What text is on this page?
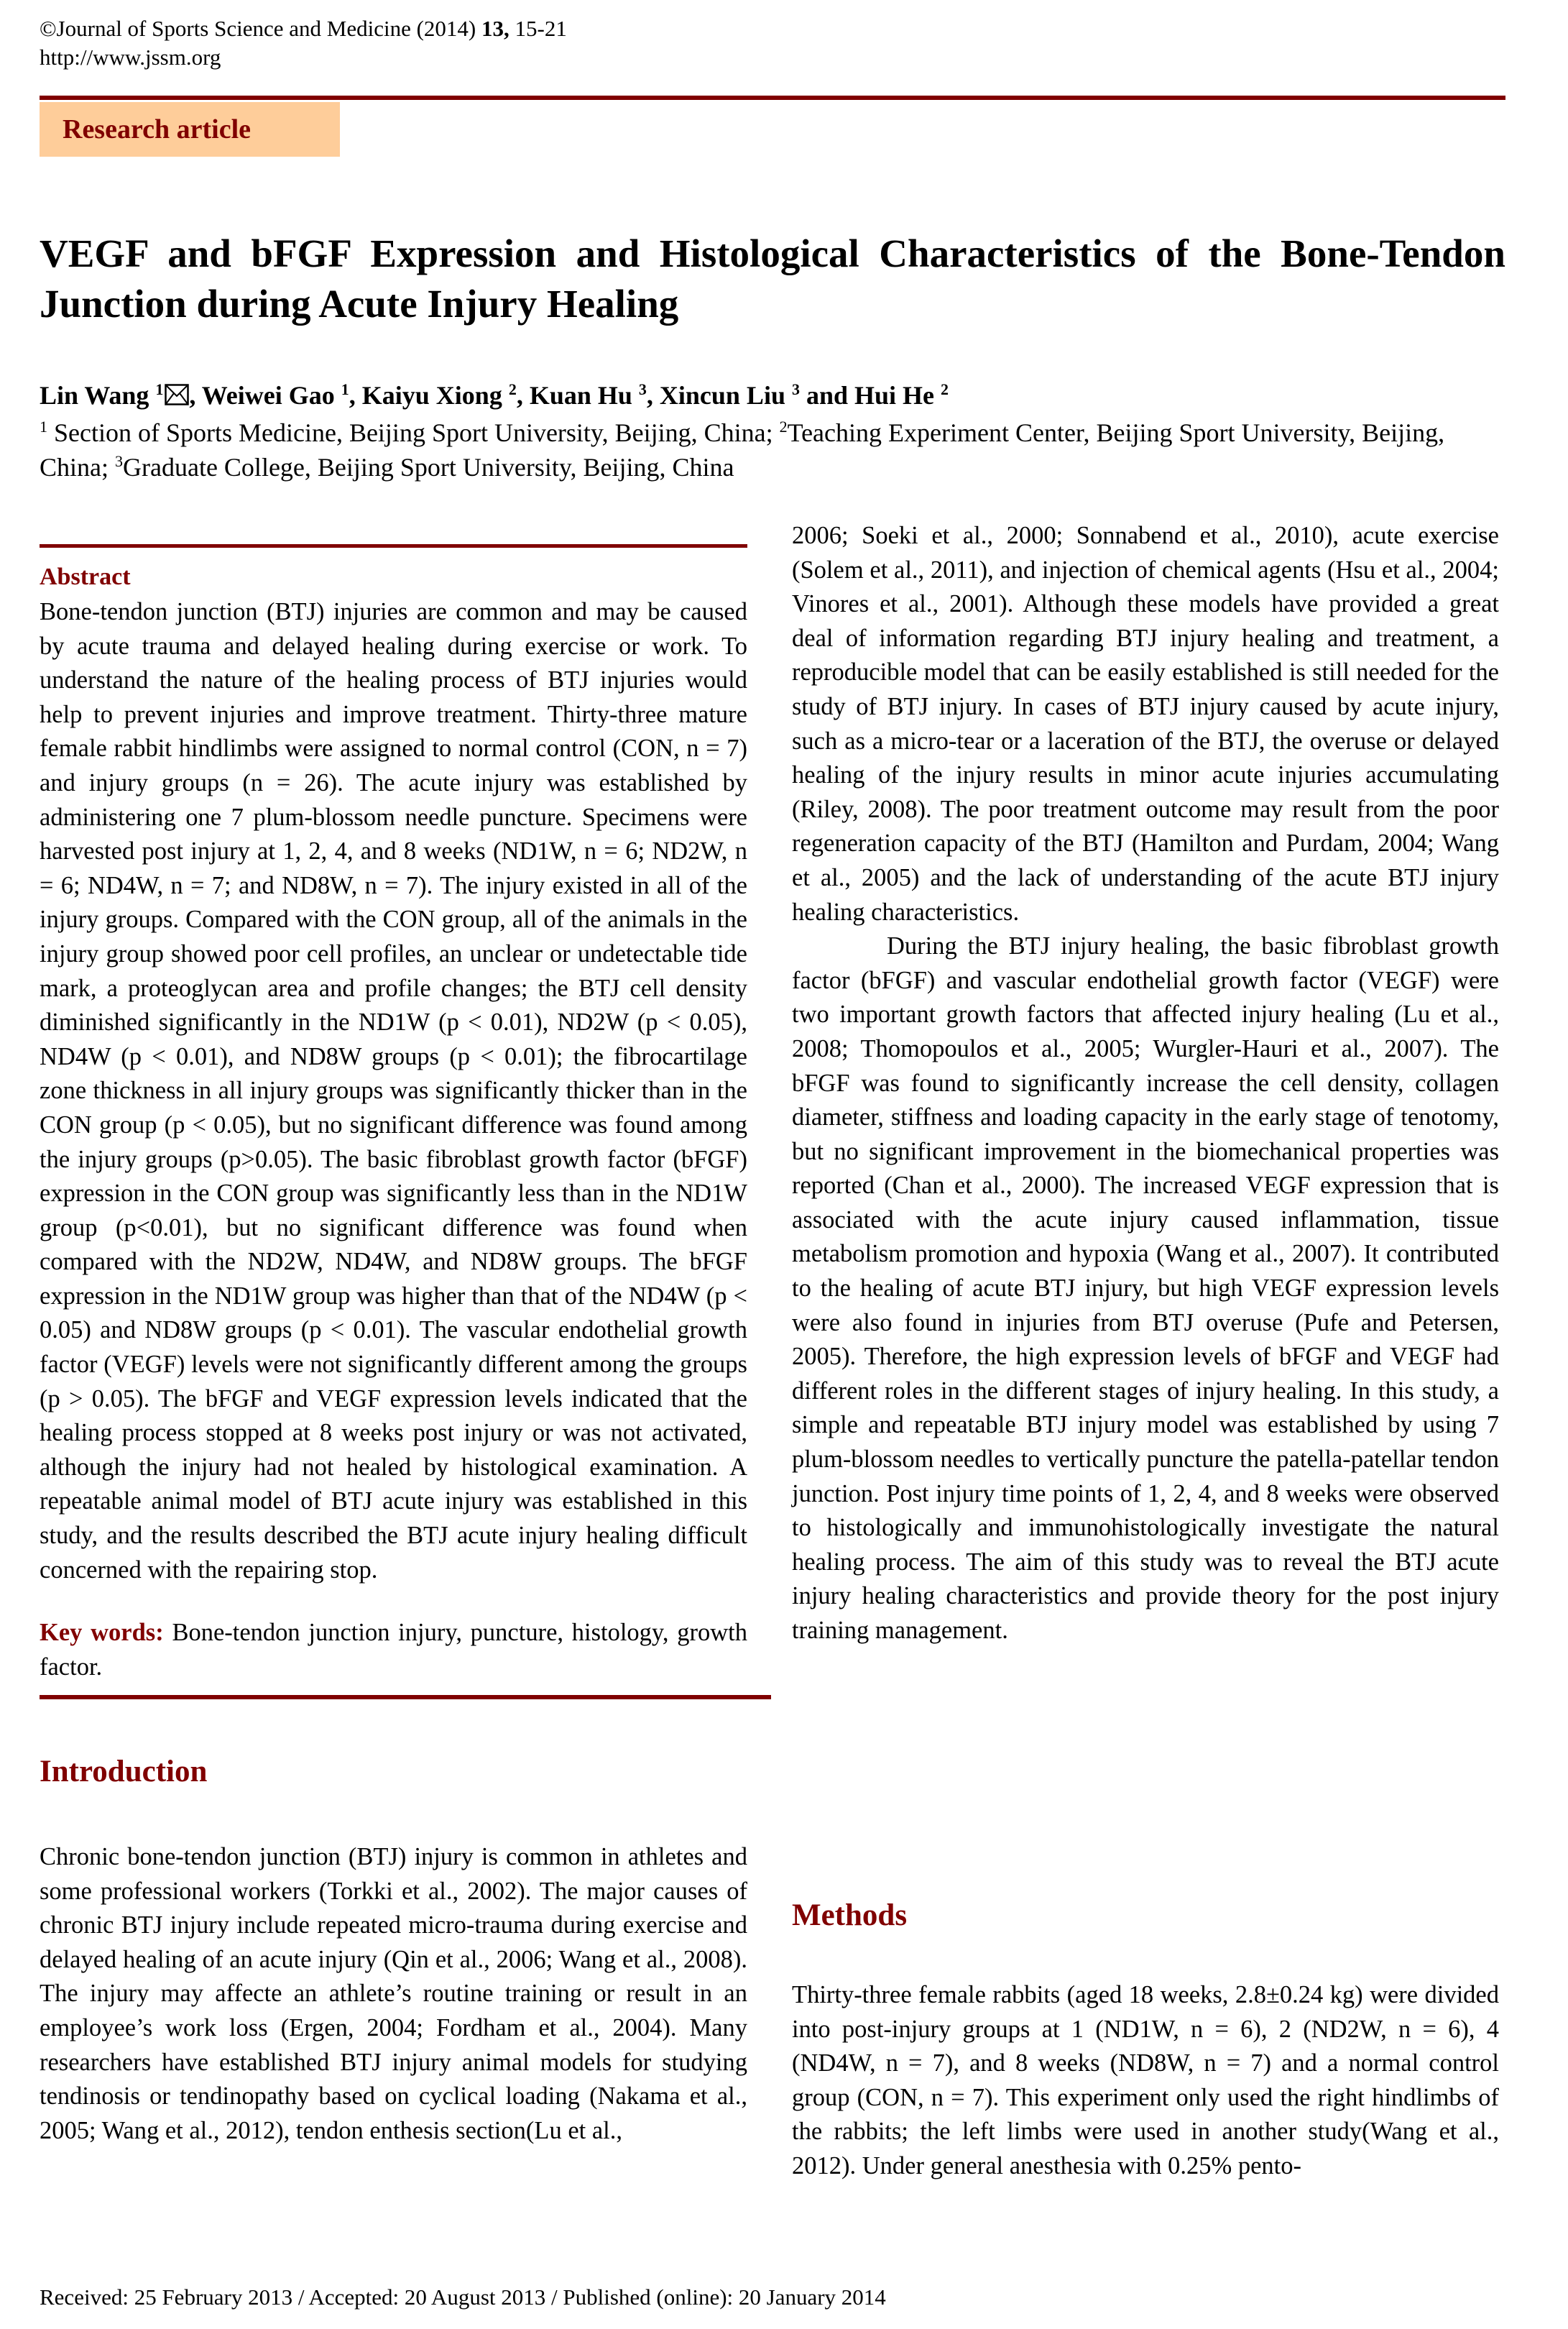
©Journal of Sports Science and Medicine (2014) 13, 15-21
http://www.jssm.org
Research article
VEGF and bFGF Expression and Histological Characteristics of the Bone-Tendon Junction during Acute Injury Healing
Lin Wang $^1$ , Weiwei Gao $^1$, Kaiyu Xiong $^2$, Kuan Hu $^3$, Xincun Liu $^3$ and Hui He $^2$
$^1$ Section of Sports Medicine, Beijing Sport University, Beijing, China; $^2$Teaching Experiment Center, Beijing Sport University, Beijing, China; $^3$Graduate College, Beijing Sport University, Beijing, China
Abstract

Bone-tendon junction (BTJ) injuries are common and may be caused by acute trauma and delayed healing during exercise or work. To understand the nature of the healing process of BTJ injuries would help to prevent injuries and improve treatment. Thirty-three mature female rabbit hindlimbs were assigned to normal control (CON, n = 7) and injury groups (n = 26). The acute injury was established by administering one 7 plum-blossom needle puncture. Specimens were harvested post injury at 1, 2, 4, and 8 weeks (ND1W, n = 6; ND2W, n = 6; ND4W, n = 7; and ND8W, n = 7). The injury existed in all of the injury groups. Compared with the CON group, all of the animals in the injury group showed poor cell profiles, an unclear or undetectable tide mark, a proteoglycan area and profile changes; the BTJ cell density diminished significantly in the ND1W (p < 0.01), ND2W (p < 0.05), ND4W (p < 0.01), and ND8W groups (p < 0.01); the fibrocartilage zone thickness in all injury groups was significantly thicker than in the CON group (p < 0.05), but no significant difference was found among the injury groups (p>0.05). The basic fibroblast growth factor (bFGF) expression in the CON group was significantly less than in the ND1W group (p<0.01), but no significant difference was found when compared with the ND2W, ND4W, and ND8W groups. The bFGF expression in the ND1W group was higher than that of the ND4W (p < 0.05) and ND8W groups (p < 0.01). The vascular endothelial growth factor (VEGF) levels were not significantly different among the groups (p > 0.05). The bFGF and VEGF expression levels indicated that the healing process stopped at 8 weeks post injury or was not activated, although the injury had not healed by histological examination. A repeatable animal model of BTJ acute injury was established in this study, and the results described the BTJ acute injury healing difficult concerned with the repairing stop.

Key words: Bone-tendon junction injury, puncture, histology, growth factor.

Introduction

Chronic bone-tendon junction (BTJ) injury is common in athletes and some professional workers (Torkki et al., 2002). The major causes of chronic BTJ injury include repeated micro-trauma during exercise and delayed healing of an acute injury (Qin et al., 2006; Wang et al., 2008). The injury may affecte an athlete’s routine training or result in an employee’s work loss (Ergen, 2004; Fordham et al., 2004). Many researchers have established BTJ injury animal models for studying tendinosis or tendinopathy based on cyclical loading (Nakama et al., 2005; Wang et al., 2012), tendon enthesis section(Lu et al.,

2006; Soeki et al., 2000; Sonnabend et al., 2010), acute exercise (Solem et al., 2011), and injection of chemical agents (Hsu et al., 2004; Vinores et al., 2001). Although these models have provided a great deal of information regarding BTJ injury healing and treatment, a reproducible model that can be easily established is still needed for the study of BTJ injury. In cases of BTJ injury caused by acute injury, such as a micro-tear or a laceration of the BTJ, the overuse or delayed healing of the injury results in minor acute injuries accumulating (Riley, 2008). The poor treatment outcome may result from the poor regeneration capacity of the BTJ (Hamilton and Purdam, 2004; Wang et al., 2005) and the lack of understanding of the acute BTJ injury healing characteristics.

During the BTJ injury healing, the basic fibroblast growth factor (bFGF) and vascular endothelial growth factor (VEGF) were two important growth factors that affected injury healing (Lu et al., 2008; Thomopoulos et al., 2005; Wurgler-Hauri et al., 2007). The bFGF was found to significantly increase the cell density, collagen diameter, stiffness and loading capacity in the early stage of tenotomy, but no significant improvement in the biomechanical properties was reported (Chan et al., 2000). The increased VEGF expression that is associated with the acute injury caused inflammation, tissue metabolism promotion and hypoxia (Wang et al., 2007). It contributed to the healing of acute BTJ injury, but high VEGF expression levels were also found in injuries from BTJ overuse (Pufe and Petersen, 2005). Therefore, the high expression levels of bFGF and VEGF had different roles in the different stages of injury healing. In this study, a simple and repeatable BTJ injury model was established by using 7 plum-blossom needles to vertically puncture the patella-patellar tendon junction. Post injury time points of 1, 2, 4, and 8 weeks were observed to histologically and immunohistologically investigate the natural healing process. The aim of this study was to reveal the BTJ acute injury healing characteristics and provide theory for the post injury training management.

Methods

Thirty-three female rabbits (aged 18 weeks, 2.8±0.24 kg) were divided into post-injury groups at 1 (ND1W, n = 6), 2 (ND2W, n = 6), 4 (ND4W, n = 7), and 8 weeks (ND8W, n = 7) and a normal control group (CON, n = 7). This experiment only used the right hindlimbs of the rabbits; the left limbs were used in another study(Wang et al., 2012). Under general anesthesia with 0.25% pento-

Received: 25 February 2013 / Accepted: 20 August 2013 / Published (online): 20 January 2014
